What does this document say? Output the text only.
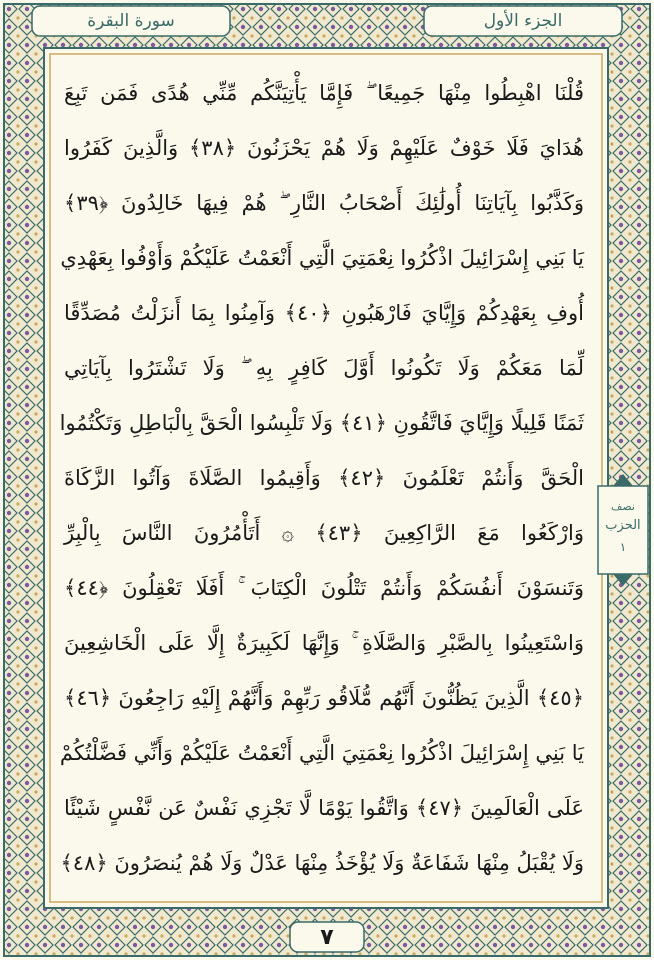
سورة البقرة	الجزء الأول
قُلْنَا اهْبِطُوا مِنْهَا جَمِيعًا ۖ فَإِمَّا يَأْتِيَنَّكُم مِّنِّي هُدًى فَمَن تَبِعَ
هُدَايَ فَلَا خَوْفٌ عَلَيْهِمْ وَلَا هُمْ يَحْزَنُونَ ﴿٣٨﴾ وَالَّذِينَ كَفَرُوا
وَكَذَّبُوا بِآيَاتِنَا أُولَٰئِكَ أَصْحَابُ النَّارِ ۖ هُمْ فِيهَا خَالِدُونَ ﴿٣٩﴾
يَا بَنِي إِسْرَائِيلَ اذْكُرُوا نِعْمَتِيَ الَّتِي أَنْعَمْتُ عَلَيْكُمْ وَأَوْفُوا بِعَهْدِي
أُوفِ بِعَهْدِكُمْ وَإِيَّايَ فَارْهَبُونِ ﴿٤٠﴾ وَآمِنُوا بِمَا أَنزَلْتُ مُصَدِّقًا
لِّمَا مَعَكُمْ وَلَا تَكُونُوا أَوَّلَ كَافِرٍ بِهِ ۖ وَلَا تَشْتَرُوا بِآيَاتِي
ثَمَنًا قَلِيلًا وَإِيَّايَ فَاتَّقُونِ ﴿٤١﴾ وَلَا تَلْبِسُوا الْحَقَّ بِالْبَاطِلِ وَتَكْتُمُوا
الْحَقَّ وَأَنتُمْ تَعْلَمُونَ ﴿٤٢﴾ وَأَقِيمُوا الصَّلَاةَ وَآتُوا الزَّكَاةَ
وَارْكَعُوا مَعَ الرَّاكِعِينَ ﴿٤٣﴾ ۞ أَتَأْمُرُونَ النَّاسَ بِالْبِرِّ
وَتَنسَوْنَ أَنفُسَكُمْ وَأَنتُمْ تَتْلُونَ الْكِتَابَ ۚ أَفَلَا تَعْقِلُونَ ﴿٤٤﴾
وَاسْتَعِينُوا بِالصَّبْرِ وَالصَّلَاةِ ۚ وَإِنَّهَا لَكَبِيرَةٌ إِلَّا عَلَى الْخَاشِعِينَ
﴿٤٥﴾ الَّذِينَ يَظُنُّونَ أَنَّهُم مُّلَاقُو رَبِّهِمْ وَأَنَّهُمْ إِلَيْهِ رَاجِعُونَ ﴿٤٦﴾
يَا بَنِي إِسْرَائِيلَ اذْكُرُوا نِعْمَتِيَ الَّتِي أَنْعَمْتُ عَلَيْكُمْ وَأَنِّي فَضَّلْتُكُمْ
عَلَى الْعَالَمِينَ ﴿٤٧﴾ وَاتَّقُوا يَوْمًا لَّا تَجْزِي نَفْسٌ عَن نَّفْسٍ شَيْئًا
وَلَا يُقْبَلُ مِنْهَا شَفَاعَةٌ وَلَا يُؤْخَذُ مِنْهَا عَدْلٌ وَلَا هُمْ يُنصَرُونَ ﴿٤٨﴾
نصف
الحزب
١
٧
